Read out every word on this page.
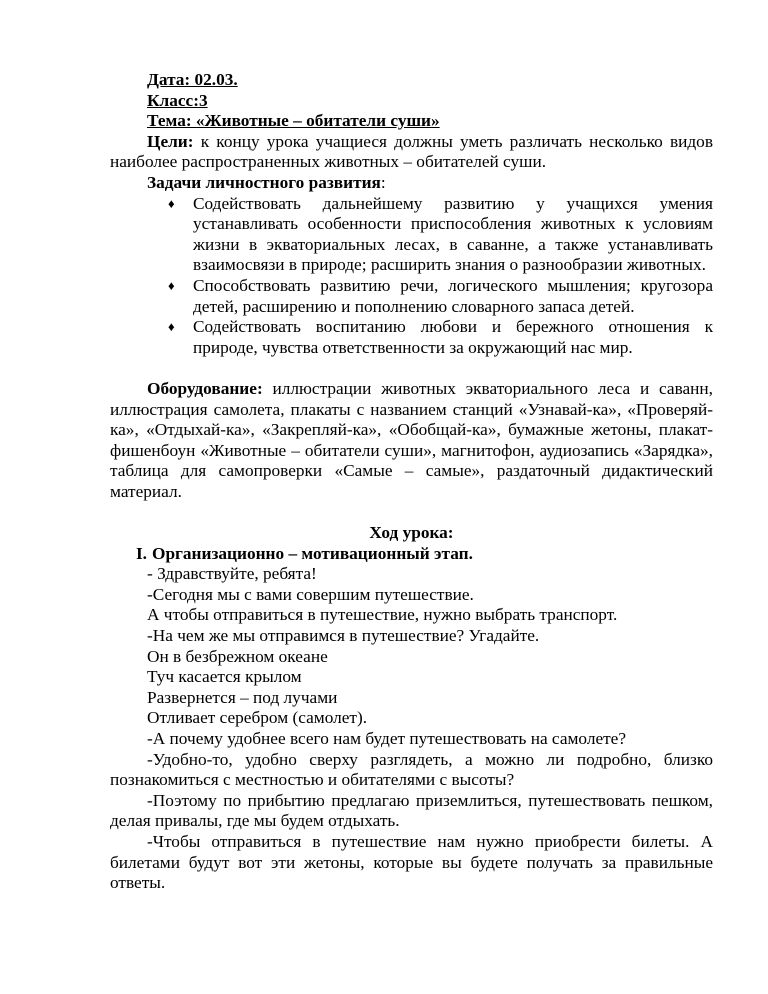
Дата: 02.03.

Класс:3

Тема: «Животные – обитатели суши»

Цели: к концу урока учащиеся должны уметь различать несколько видов наиболее распространенных животных – обитателей суши.

Задачи личностного развития:

♦ Содействовать дальнейшему развитию у учащихся умения устанавливать особенности приспособления животных к условиям жизни в экваториальных лесах, в саванне, а также устанавливать взаимосвязи в природе; расширить знания о разнообразии животных.
♦ Способствовать развитию речи, логического мышления; кругозора детей, расширению и пополнению словарного запаса детей.
♦ Содействовать воспитанию любови и бережного отношения к природе, чувства ответственности за окружающий нас мир.

Оборудование: иллюстрации животных экваториального леса и саванн, иллюстрация самолета, плакаты с названием станций «Узнавай-ка», «Проверяй-ка», «Отдыхай-ка», «Закрепляй-ка», «Обобщай-ка», бумажные жетоны, плакат-фишенбоун «Животные – обитатели суши», магнитофон, аудиозапись «Зарядка», таблица для самопроверки «Самые – самые», раздаточный дидактический материал.

Ход урока:

I. Организационно – мотивационный этап.

- Здравствуйте, ребята!

-Сегодня мы с вами совершим путешествие.

А чтобы отправиться в путешествие, нужно выбрать транспорт.

-На чем же мы отправимся в путешествие? Угадайте.

Он в безбрежном океане

Туч касается крылом

Развернется – под лучами

Отливает серебром (самолет).

-А почему удобнее всего нам будет путешествовать на самолете?

-Удобно-то, удобно сверху разглядеть, а можно ли подробно, близко познакомиться с местностью и обитателями с высоты?

-Поэтому по прибытию предлагаю приземлиться, путешествовать пешком, делая привалы, где мы будем отдыхать.

-Чтобы отправиться в путешествие нам нужно приобрести билеты. А билетами будут вот эти жетоны, которые вы будете получать за правильные ответы.
